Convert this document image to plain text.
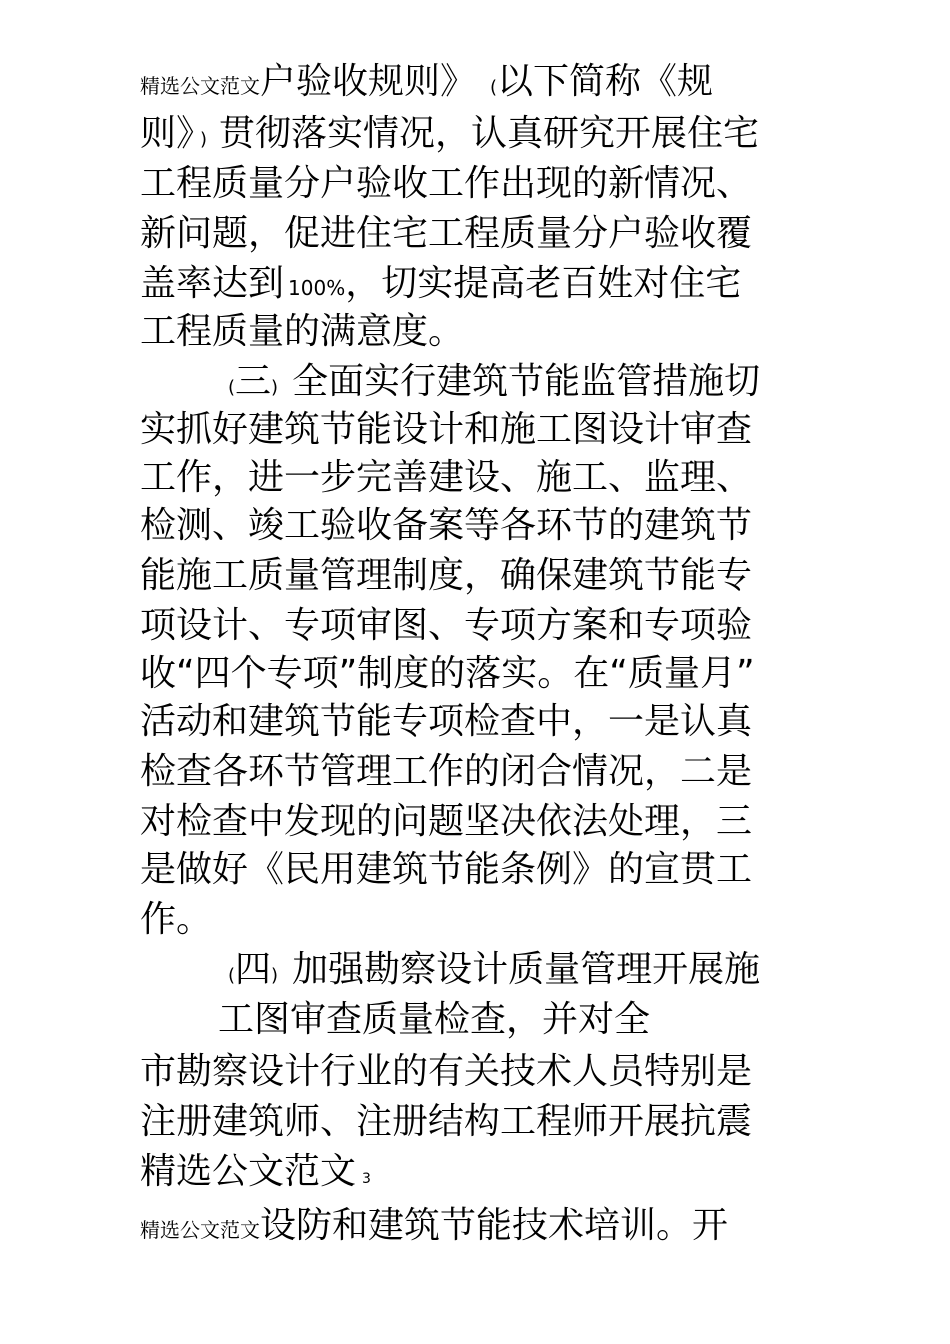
精选公文范文户验收规则》 (以下简称《规
则》 ) 贯彻落实情况，认真研究开展住宅
工程质量分户验收工作出现的新情况、
新问题，促进住宅工程质量分户验收覆
盖率达到 100%，切实提高老百姓对住宅
工程质量的满意度。
(三) 全面实行建筑节能监管措施切
实抓好建筑节能设计和施工图设计审查
工作，进一步完善建设、施工、监理、
检测、竣工验收备案等各环节的建筑节
能施工质量管理制度，确保建筑节能专
项设计、专项审图、专项方案和专项验
收“四个专项”制度的落实。在“质量月”
活动和建筑节能专项检查中，一是认真
检查各环节管理工作的闭合情况，二是
对检查中发现的问题坚决依法处理，三
是做好《民用建筑节能条例》的宣贯工
作。
(四) 加强勘察设计质量管理开展施
工图审查质量检查，并对全
市勘察设计行业的有关技术人员特别是
注册建筑师、注册结构工程师开展抗震
精选公文范文 3
精选公文范文设防和建筑节能技术培训。开
